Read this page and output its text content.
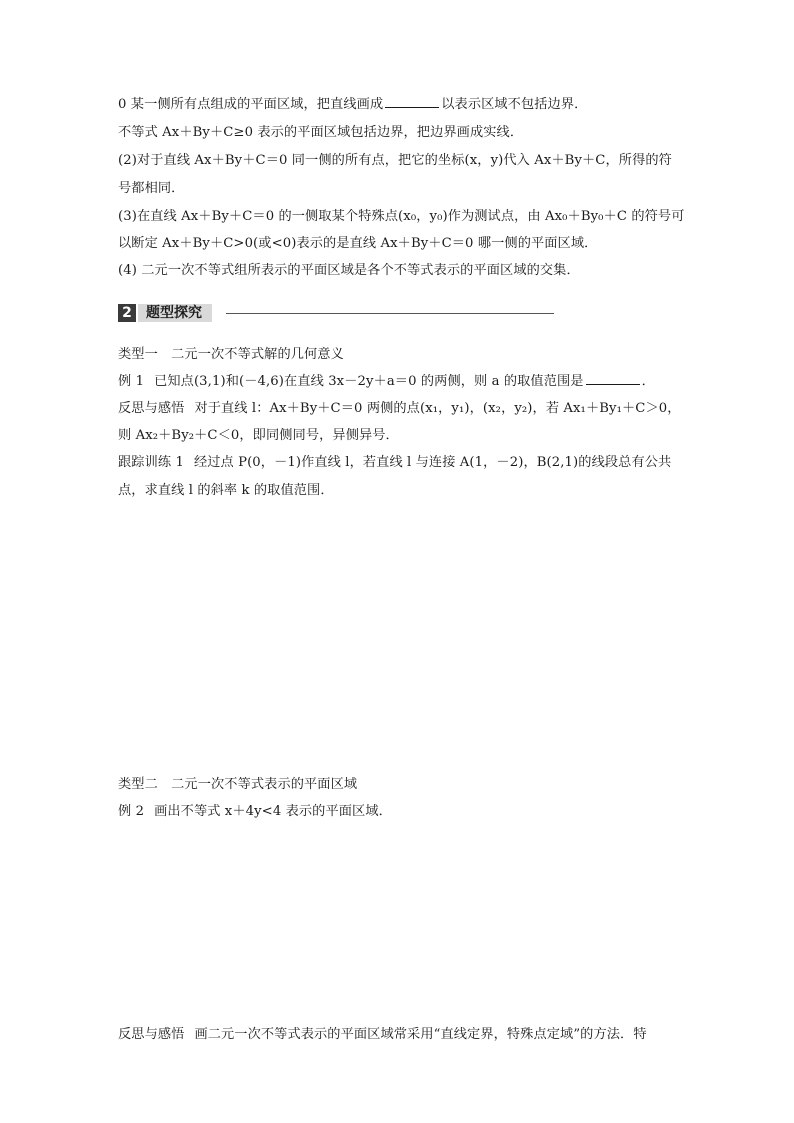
0 某一侧所有点组成的平面区域，把直线画成	以表示区域不包括边界．
不等式 Ax＋By＋C≥0 表示的平面区域包括边界，把边界画成实线．
(2)对于直线 Ax＋By＋C＝0 同一侧的所有点，把它的坐标(x，y)代入 Ax＋By＋C，所得的符
号都相同．
(3)在直线 Ax＋By＋C＝0 的一侧取某个特殊点(x₀，y₀)作为测试点，由 Ax₀＋By₀＋C 的符号可
以断定 Ax＋By＋C>0(或<0)表示的是直线 Ax＋By＋C＝0 哪一侧的平面区域．
(4) 二元一次不等式组所表示的平面区域是各个不等式表示的平面区域的交集．
2	题型探究
类型一　二元一次不等式解的几何意义
例 1 已知点(3,1)和(－4,6)在直线 3x－2y＋a＝0 的两侧，则 a 的取值范围是	．
反思与感悟 对于直线 l：Ax＋By＋C＝0 两侧的点(x₁，y₁)，(x₂，y₂)，若 Ax₁＋By₁＋C＞0，
则 Ax₂＋By₂＋C＜0，即同侧同号，异侧异号．
跟踪训练 1 经过点 P(0，－1)作直线 l，若直线 l 与连接 A(1，－2)，B(2,1)的线段总有公共
点，求直线 l 的斜率 k 的取值范围．
类型二　二元一次不等式表示的平面区域
例 2 画出不等式 x＋4y<4 表示的平面区域．
反思与感悟 画二元一次不等式表示的平面区域常采用“直线定界，特殊点定域”的方法．特
